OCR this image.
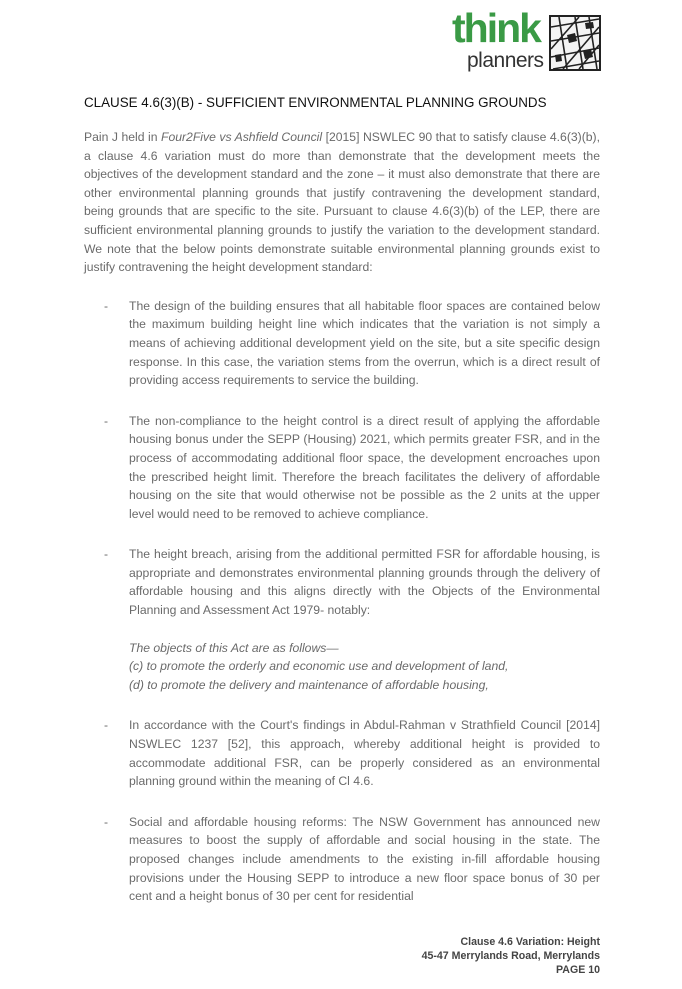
think
planners
CLAUSE 4.6(3)(B) - SUFFICIENT ENVIRONMENTAL PLANNING GROUNDS

Pain J held in Four2Five vs Ashfield Council [2015] NSWLEC 90 that to satisfy clause 4.6(3)(b), a clause 4.6 variation must do more than demonstrate that the development meets the objectives of the development standard and the zone – it must also demonstrate that there are other environmental planning grounds that justify contravening the development standard, being grounds that are specific to the site. Pursuant to clause 4.6(3)(b) of the LEP, there are sufficient environmental planning grounds to justify the variation to the development standard. We note that the below points demonstrate suitable environmental planning grounds exist to justify contravening the height development standard:

- The design of the building ensures that all habitable floor spaces are contained below the maximum building height line which indicates that the variation is not simply a means of achieving additional development yield on the site, but a site specific design response. In this case, the variation stems from the overrun, which is a direct result of providing access requirements to service the building.
- The non-compliance to the height control is a direct result of applying the affordable housing bonus under the SEPP (Housing) 2021, which permits greater FSR, and in the process of accommodating additional floor space, the development encroaches upon the prescribed height limit. Therefore the breach facilitates the delivery of affordable housing on the site that would otherwise not be possible as the 2 units at the upper level would need to be removed to achieve compliance.
- The height breach, arising from the additional permitted FSR for affordable housing, is appropriate and demonstrates environmental planning grounds through the delivery of affordable housing and this aligns directly with the Objects of the Environmental Planning and Assessment Act 1979- notably:
The objects of this Act are as follows—
(c) to promote the orderly and economic use and development of land,
(d) to promote the delivery and maintenance of affordable housing,
- In accordance with the Court's findings in Abdul-Rahman v Strathfield Council [2014] NSWLEC 1237 [52], this approach, whereby additional height is provided to accommodate additional FSR, can be properly considered as an environmental planning ground within the meaning of Cl 4.6.
- Social and affordable housing reforms: The NSW Government has announced new measures to boost the supply of affordable and social housing in the state. The proposed changes include amendments to the existing in-fill affordable housing provisions under the Housing SEPP to introduce a new floor space bonus of 30 per cent and a height bonus of 30 per cent for residential
Clause 4.6 Variation: Height
45-47 Merrylands Road, Merrylands
PAGE 10
